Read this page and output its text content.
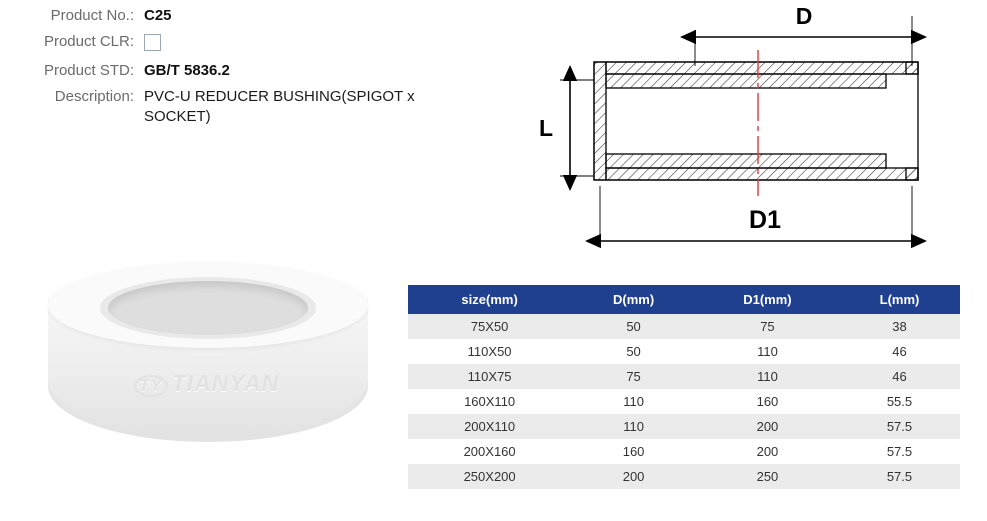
Product No.: C25
Product CLR:
Product STD: GB/T 5836.2
Description: PVC-U REDUCER BUSHING(SPIGOT x SOCKET)
TY TIANYAN
D
D1
L
size(mm)	D(mm)	D1(mm)	L(mm)
75X50	50	75	38
110X50	50	110	46
110X75	75	110	46
160X110	110	160	55.5
200X110	110	200	57.5
200X160	160	200	57.5
250X200	200	250	57.5
